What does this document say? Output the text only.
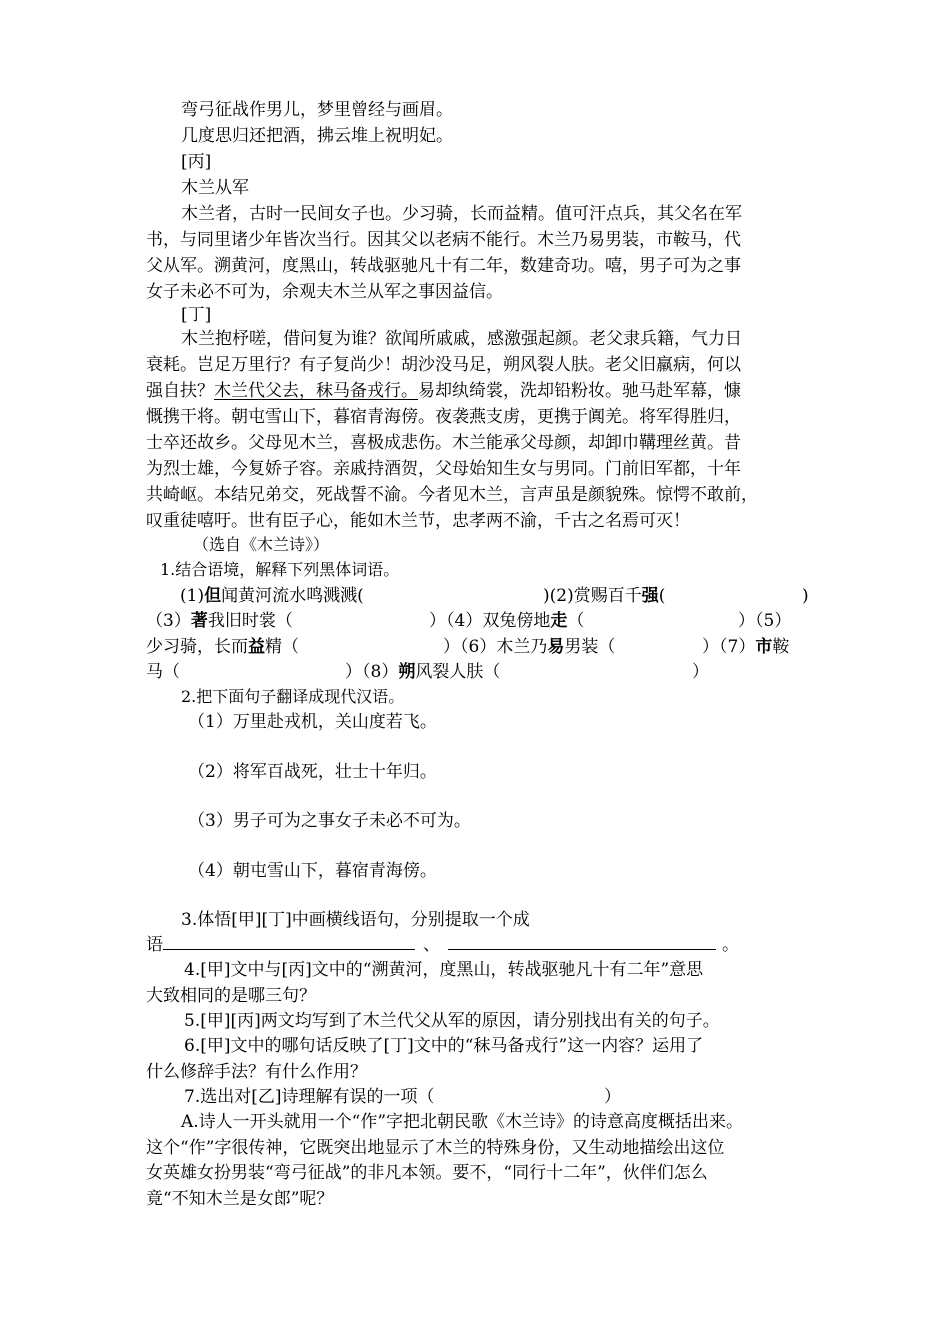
弯弓征战作男儿，梦里曾经与画眉。
几度思归还把酒，拂云堆上祝明妃。
[丙]
木兰从军
木兰者，古时一民间女子也。少习骑，长而益精。值可汗点兵，其父名在军
书，与同里诸少年皆次当行。因其父以老病不能行。木兰乃易男装，市鞍马，代
父从军。溯黄河，度黑山，转战驱驰凡十有二年，数建奇功。嘻，男子可为之事
女子未必不可为，余观夫木兰从军之事因益信。
[丁]
木兰抱杼嗟，借问复为谁？欲闻所戚戚，感激强起颜。老父隶兵籍，气力日
衰耗。岂足万里行？有子复尚少！胡沙没马足，朔风裂人肤。老父旧羸病，何以
强自扶？木兰代父去，秣马备戎行。易却纨绮裳，洗却铅粉妆。驰马赴军幕，慷
慨携干将。朝屯雪山下，暮宿青海傍。夜袭燕支虏，更携于阗羌。将军得胜归，
士卒还故乡。父母见木兰，喜极成悲伤。木兰能承父母颜，却卸巾鞲理丝黄。昔
为烈士雄，今复娇子容。亲戚持酒贺，父母始知生女与男同。门前旧军都，十年
共崎岖。本结兄弟交，死战誓不渝。今者见木兰，言声虽是颜貌殊。惊愕不敢前，
叹重徒嘻吁。世有臣子心，能如木兰节，忠孝两不渝，千古之名焉可灭！
（选自《木兰诗》）
1.结合语境，解释下列黑体词语。
(1)但闻黄河流水鸣溅溅(	)(2)赏赐百千强(	)
（3）著我旧时裳（	）（4）双兔傍地走（	）（5）
少习骑，长而益精（	）（6）木兰乃易男装（	）（7）市鞍
马（	）（8）朔风裂人肤（	）
2.把下面句子翻译成现代汉语。
（1）万里赴戎机，关山度若飞。
（2）将军百战死，壮士十年归。
（3）男子可为之事女子未必不可为。
（4）朝屯雪山下，暮宿青海傍。
3.体悟[甲][丁]中画横线语句，分别提取一个成
语	、	。
4.[甲]文中与[丙]文中的“溯黄河，度黑山，转战驱驰凡十有二年”意思
大致相同的是哪三句？
5.[甲][丙]两文均写到了木兰代父从军的原因，请分别找出有关的句子。
6.[甲]文中的哪句话反映了[丁]文中的“秣马备戎行”这一内容？运用了
什么修辞手法？有什么作用？
7.选出对[乙]诗理解有误的一项（	）
A.诗人一开头就用一个“作”字把北朝民歌《木兰诗》的诗意高度概括出来。
这个“作”字很传神，它既突出地显示了木兰的特殊身份，又生动地描绘出这位
女英雄女扮男装“弯弓征战”的非凡本领。要不，“同行十二年”，伙伴们怎么
竟“不知木兰是女郎”呢？
